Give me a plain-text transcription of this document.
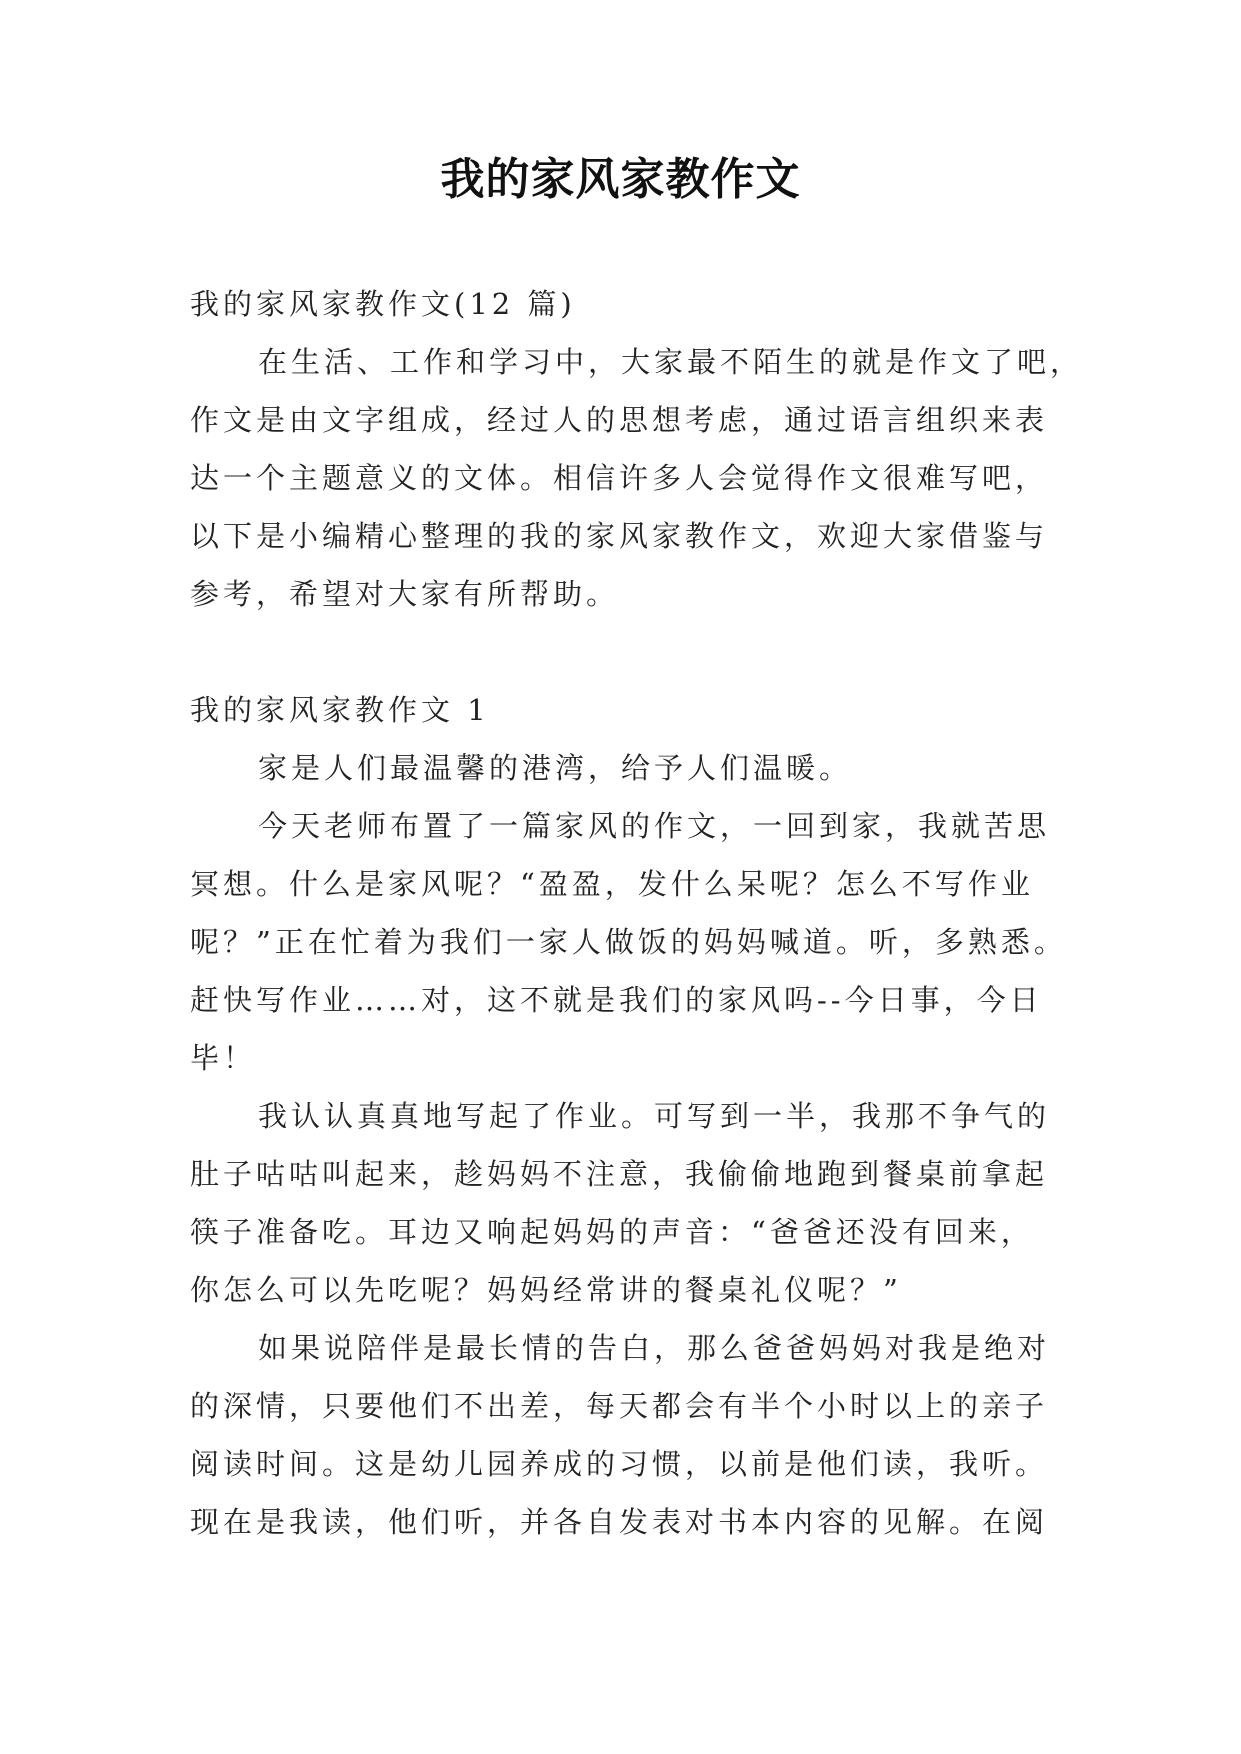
我的家风家教作文
我的家风家教作文(12 篇)
在生活、工作和学习中，大家最不陌生的就是作文了吧，
作文是由文字组成，经过人的思想考虑，通过语言组织来表
达一个主题意义的文体。相信许多人会觉得作文很难写吧，
以下是小编精心整理的我的家风家教作文，欢迎大家借鉴与
参考，希望对大家有所帮助。
我的家风家教作文 1
家是人们最温馨的港湾，给予人们温暖。
今天老师布置了一篇家风的作文，一回到家，我就苦思
冥想。什么是家风呢？“盈盈，发什么呆呢？怎么不写作业
呢？”正在忙着为我们一家人做饭的妈妈喊道。听，多熟悉。
赶快写作业……对，这不就是我们的家风吗--今日事，今日
毕！
我认认真真地写起了作业。可写到一半，我那不争气的
肚子咕咕叫起来，趁妈妈不注意，我偷偷地跑到餐桌前拿起
筷子准备吃。耳边又响起妈妈的声音：“爸爸还没有回来，
你怎么可以先吃呢？妈妈经常讲的餐桌礼仪呢？”
如果说陪伴是最长情的告白，那么爸爸妈妈对我是绝对
的深情，只要他们不出差，每天都会有半个小时以上的亲子
阅读时间。这是幼儿园养成的习惯，以前是他们读，我听。
现在是我读，他们听，并各自发表对书本内容的见解。在阅
